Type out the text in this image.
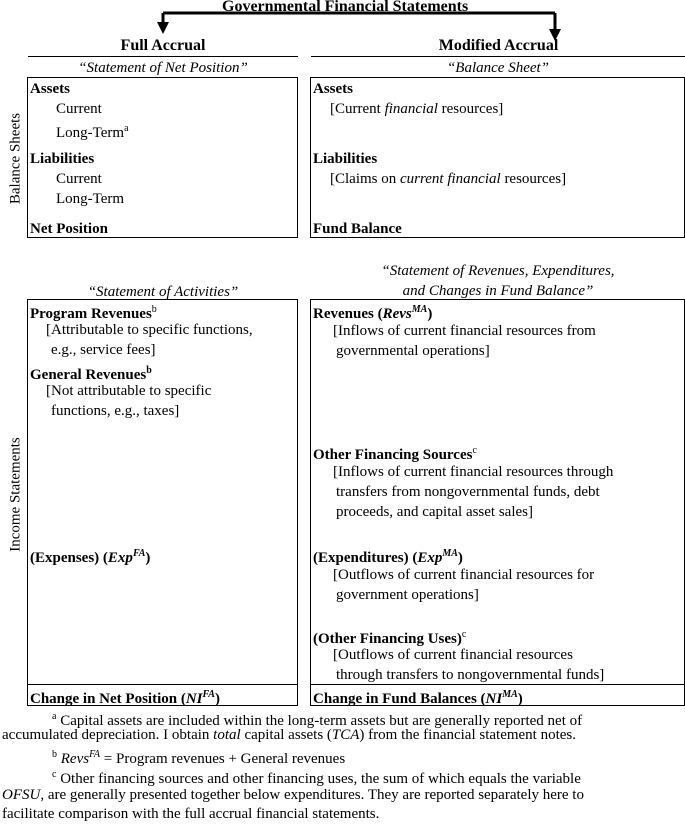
Governmental Financial Statements
Full Accrual	Modified Accrual
“Statement of Net Position”	“Balance Sheet”
Balance Sheets
Income Statements
Assets
Current
Long-Term$^a$
Liabilities
Current
Long-Term
Net Position
Assets
[Current financial resources]
Liabilities
[Claims on current financial resources]
Fund Balance
“Statement of Activities”
“Statement of Revenues, Expenditures,
and Changes in Fund Balance”
Program Revenues$^b$
[Attributable to specific functions,
e.g., service fees]
General Revenues$^b$
[Not attributable to specific
functions, e.g., taxes]
(Expenses) (Exp$^{FA}$)
Change in Net Position $(NI^{FA})$
Revenues (Revs$^{MA}$)
[Inflows of current financial resources from
governmental operations]
Other Financing Sources$^c$
[Inflows of current financial resources through
transfers from nongovernmental funds, debt
proceeds, and capital asset sales]
(Expenditures) (Exp$^{MA}$)
[Outflows of current financial resources for
government operations]
(Other Financing Uses)$^c$
[Outflows of current financial resources
through transfers to nongovernmental funds]
Change in Fund Balances $(NI^{MA})$
$^a$ Capital assets are included within the long-term assets but are generally reported net of
accumulated depreciation. I obtain total capital assets (TCA) from the financial statement notes.
$^b$ Revs$^{FA}$ = Program revenues + General revenues
$^c$ Other financing sources and other financing uses, the sum of which equals the variable
OFSU, are generally presented together below expenditures. They are reported separately here to
facilitate comparison with the full accrual financial statements.
